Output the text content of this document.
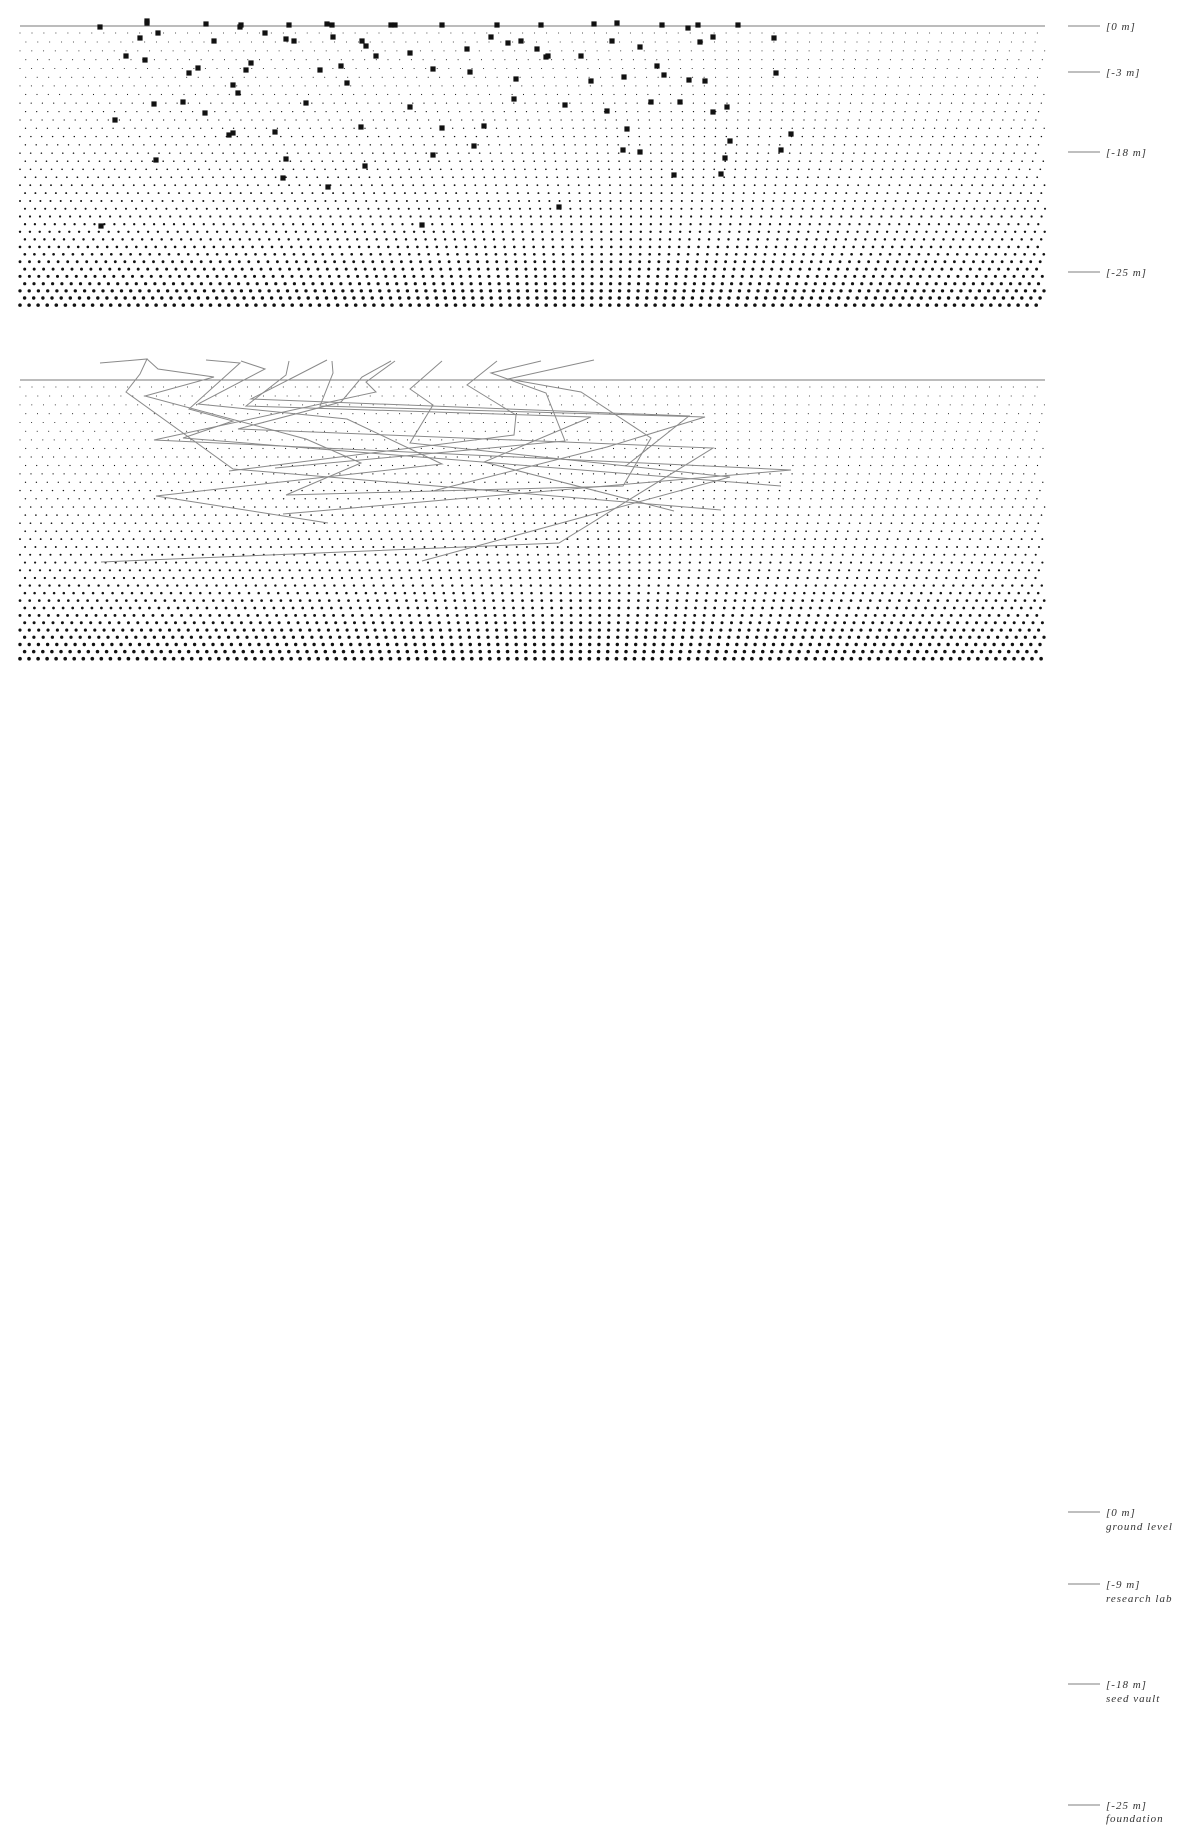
[0 m]
[-3 m]
[-18 m]
[-25 m]
[0 m]
ground level
[-9 m]
research lab
[-18 m]
seed vault
[-25 m]
foundation
